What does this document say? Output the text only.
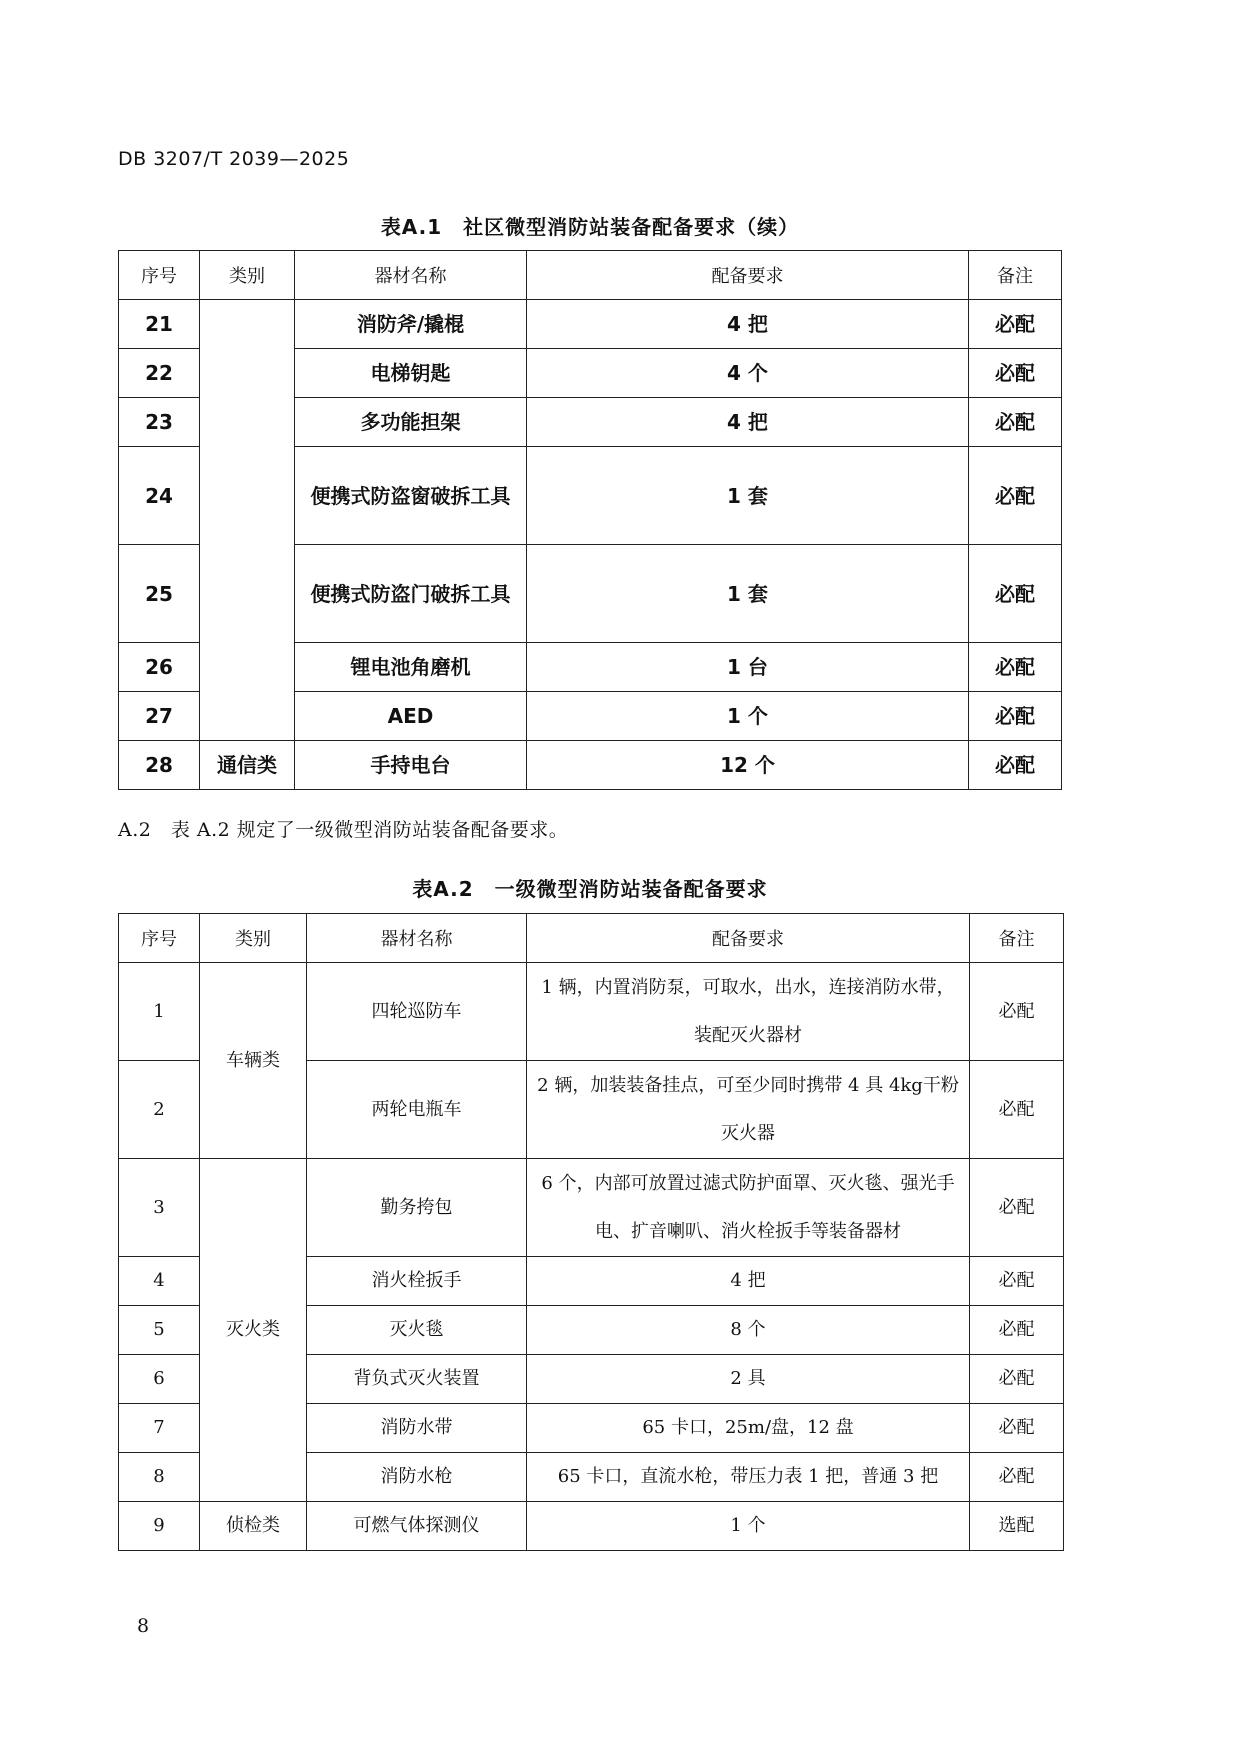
DB 3207/T 2039—2025
表A.1　社区微型消防站装备配备要求（续）
序号	类别	器材名称	配备要求	备注
21		消防斧/撬棍	4 把	必配
22		电梯钥匙	4 个	必配
23		多功能担架	4 把	必配
24		便携式防盗窗破拆工具	1 套	必配
25		便携式防盗门破拆工具	1 套	必配
26		锂电池角磨机	1 台	必配
27		AED	1 个	必配
28	通信类	手持电台	12 个	必配
A.2　表 A.2 规定了一级微型消防站装备配备要求。
表A.2　一级微型消防站装备配备要求
序号	类别	器材名称	配备要求	备注
1	车辆类	四轮巡防车	1 辆，内置消防泵，可取水，出水，连接消防水带，装配灭火器材	必配
2		两轮电瓶车	2 辆，加装装备挂点，可至少同时携带 4 具 4kg干粉灭火器	必配
3	灭火类	勤务挎包	6 个，内部可放置过滤式防护面罩、灭火毯、强光手电、扩音喇叭、消火栓扳手等装备器材	必配
4		消火栓扳手	4 把	必配
5		灭火毯	8 个	必配
6		背负式灭火装置	2 具	必配
7		消防水带	65 卡口，25m/盘，12 盘	必配
8		消防水枪	65 卡口，直流水枪，带压力表 1 把，普通 3 把	必配
9	侦检类	可燃气体探测仪	1 个	选配
8
